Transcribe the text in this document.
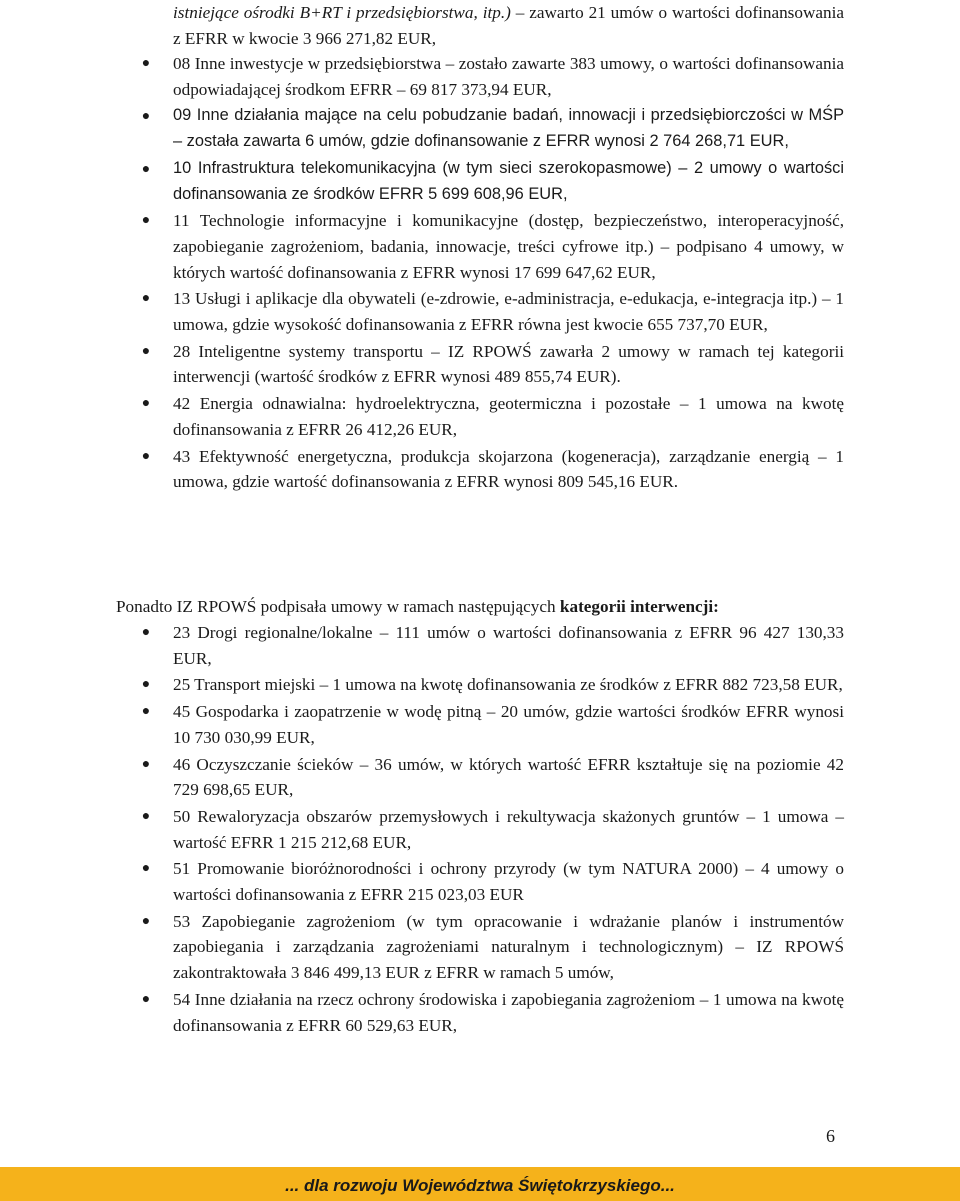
istniejące ośrodki B+RT i przedsiębiorstwa, itp.) – zawarto 21 umów o wartości dofinansowania z EFRR w kwocie 3 966 271,82 EUR,
● 08 Inne inwestycje w przedsiębiorstwa – zostało zawarte 383 umowy, o wartości dofinansowania odpowiadającej środkom EFRR – 69 817 373,94 EUR,
● 09 Inne działania mające na celu pobudzanie badań, innowacji i przedsiębiorczości w MŚP – została zawarta 6 umów, gdzie dofinansowanie z EFRR wynosi 2 764 268,71 EUR,
● 10 Infrastruktura telekomunikacyjna (w tym sieci szerokopasmowe) – 2 umowy o wartości dofinansowania ze środków EFRR 5 699 608,96 EUR,
● 11 Technologie informacyjne i komunikacyjne (dostęp, bezpieczeństwo, interoperacyjność, zapobieganie zagrożeniom, badania, innowacje, treści cyfrowe itp.) – podpisano 4 umowy, w których wartość dofinansowania z EFRR wynosi 17 699 647,62 EUR,
● 13 Usługi i aplikacje dla obywateli (e-zdrowie, e-administracja, e-edukacja, e-integracja itp.) – 1 umowa, gdzie wysokość dofinansowania z EFRR równa jest kwocie 655 737,70 EUR,
● 28 Inteligentne systemy transportu – IZ RPOWŚ zawarła 2 umowy w ramach tej kategorii interwencji (wartość środków z EFRR wynosi 489 855,74 EUR).
● 42 Energia odnawialna: hydroelektryczna, geotermiczna i pozostałe – 1 umowa na kwotę dofinansowania z EFRR 26 412,26 EUR,
● 43 Efektywność energetyczna, produkcja skojarzona (kogeneracja), zarządzanie energią – 1 umowa, gdzie wartość dofinansowania z EFRR wynosi 809 545,16 EUR.

Ponadto IZ RPOWŚ podpisała umowy w ramach następujących kategorii interwencji:

● 23 Drogi regionalne/lokalne – 111 umów o wartości dofinansowania z EFRR 96 427 130,33 EUR,
● 25 Transport miejski – 1 umowa na kwotę dofinansowania ze środków z EFRR 882 723,58 EUR,
● 45 Gospodarka i zaopatrzenie w wodę pitną – 20 umów, gdzie wartości środków EFRR wynosi 10 730 030,99 EUR,
● 46 Oczyszczanie ścieków – 36 umów, w których wartość EFRR kształtuje się na poziomie 42 729 698,65 EUR,
● 50 Rewaloryzacja obszarów przemysłowych i rekultywacja skażonych gruntów – 1 umowa – wartość EFRR 1 215 212,68 EUR,
● 51 Promowanie bioróżnorodności i ochrony przyrody (w tym NATURA 2000) – 4 umowy o wartości dofinansowania z EFRR 215 023,03 EUR
● 53 Zapobieganie zagrożeniom (w tym opracowanie i wdrażanie planów i instrumentów zapobiegania i zarządzania zagrożeniami naturalnym i technologicznym) – IZ RPOWŚ zakontraktowała 3 846 499,13 EUR z EFRR w ramach 5 umów,
● 54 Inne działania na rzecz ochrony środowiska i zapobiegania zagrożeniom – 1 umowa na kwotę dofinansowania z EFRR 60 529,63 EUR,
6
... dla rozwoju Województwa Świętokrzyskiego...
